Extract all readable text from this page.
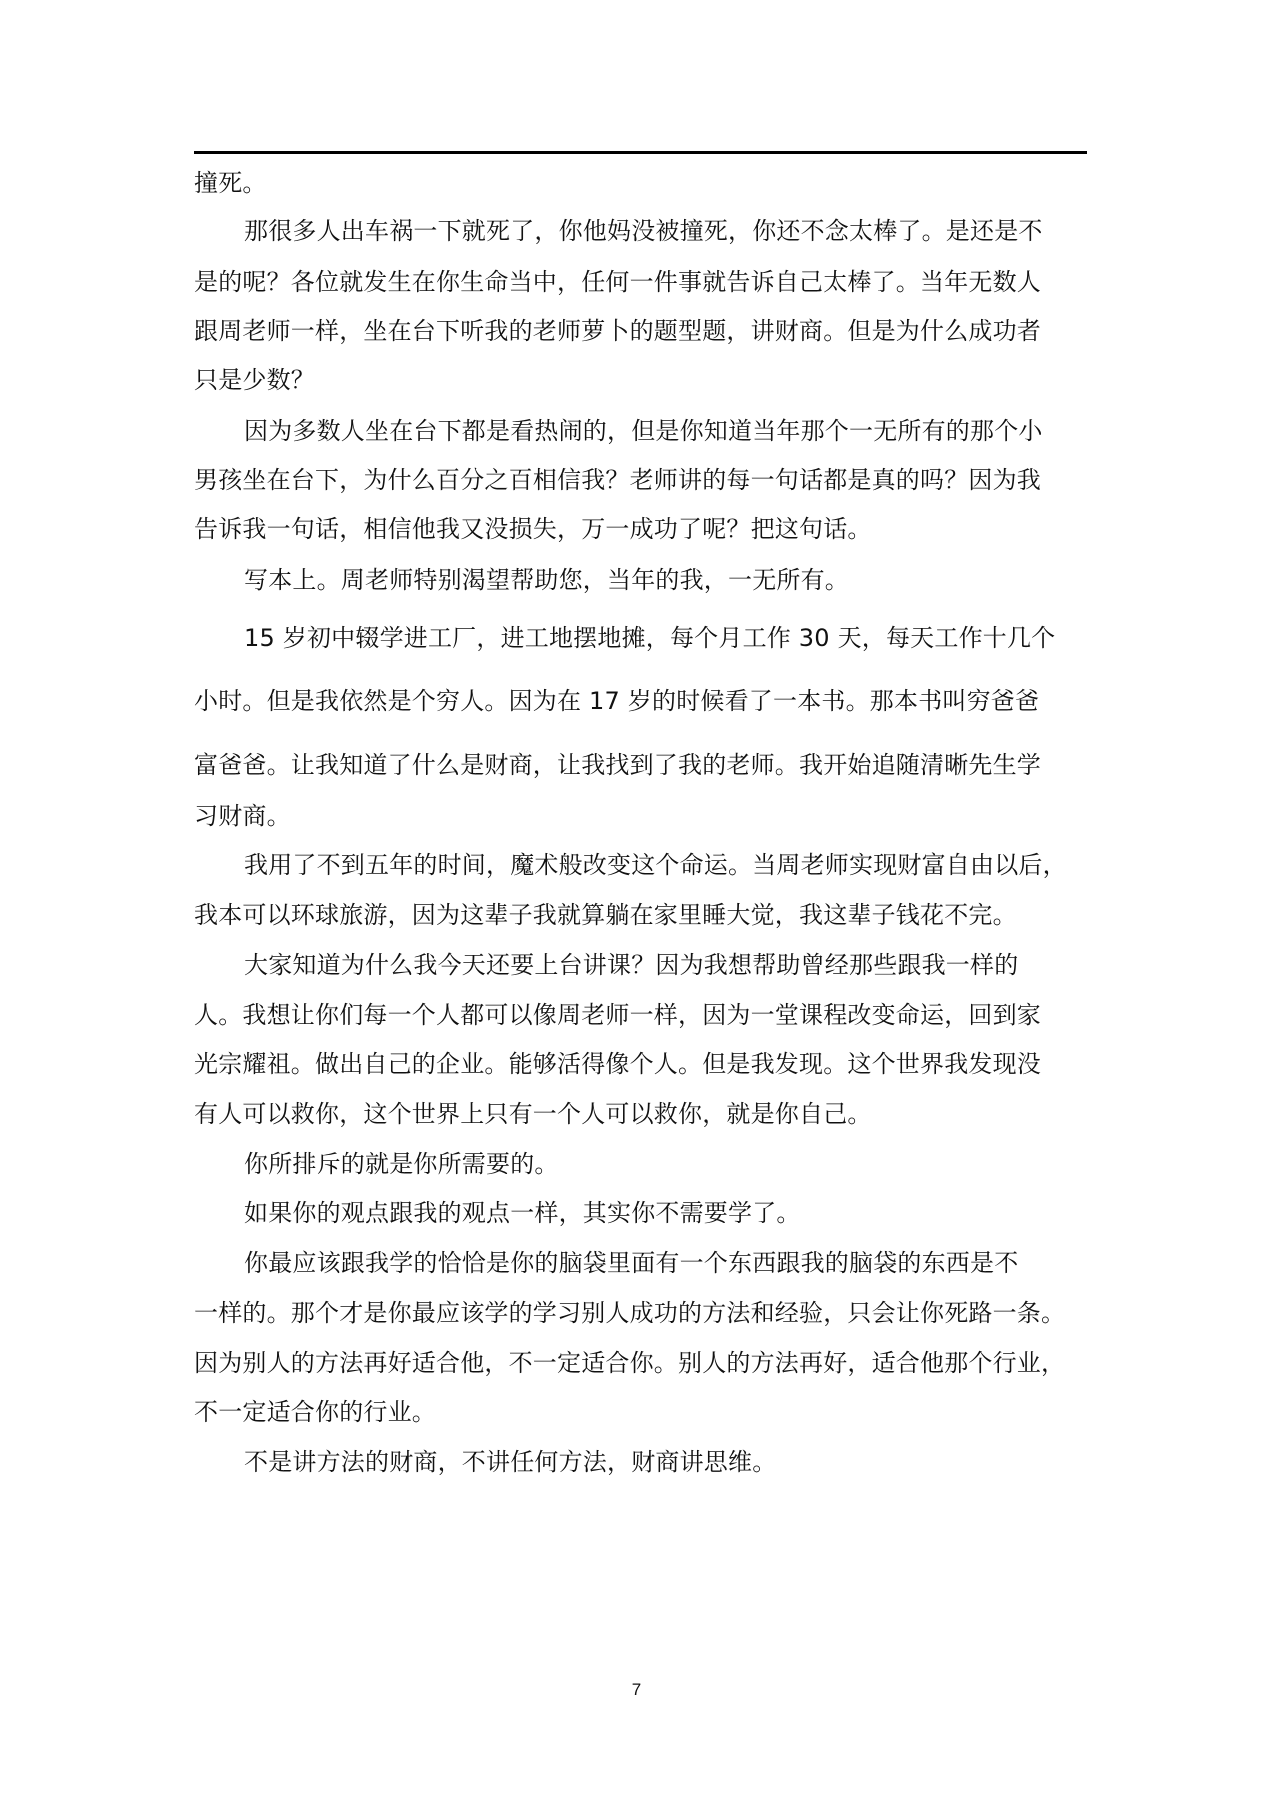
撞死。

那很多人出车祸一下就死了，你他妈没被撞死，你还不念太棒了。是还是不

是的呢？各位就发生在你生命当中，任何一件事就告诉自己太棒了。当年无数人

跟周老师一样，坐在台下听我的老师萝卜的题型题，讲财商。但是为什么成功者

只是少数？

因为多数人坐在台下都是看热闹的，但是你知道当年那个一无所有的那个小

男孩坐在台下，为什么百分之百相信我？老师讲的每一句话都是真的吗？因为我

告诉我一句话，相信他我又没损失，万一成功了呢？把这句话。

写本上。周老师特别渴望帮助您，当年的我，一无所有。

15 岁初中辍学进工厂，进工地摆地摊，每个月工作 30 天，每天工作十几个

小时。但是我依然是个穷人。因为在 17 岁的时候看了一本书。那本书叫穷爸爸

富爸爸。让我知道了什么是财商，让我找到了我的老师。我开始追随清晰先生学

习财商。

我用了不到五年的时间，魔术般改变这个命运。当周老师实现财富自由以后，

我本可以环球旅游，因为这辈子我就算躺在家里睡大觉，我这辈子钱花不完。

大家知道为什么我今天还要上台讲课？因为我想帮助曾经那些跟我一样的

人。我想让你们每一个人都可以像周老师一样，因为一堂课程改变命运，回到家

光宗耀祖。做出自己的企业。能够活得像个人。但是我发现。这个世界我发现没

有人可以救你，这个世界上只有一个人可以救你，就是你自己。

你所排斥的就是你所需要的。

如果你的观点跟我的观点一样，其实你不需要学了。

你最应该跟我学的恰恰是你的脑袋里面有一个东西跟我的脑袋的东西是不

一样的。那个才是你最应该学的学习别人成功的方法和经验，只会让你死路一条。

因为别人的方法再好适合他，不一定适合你。别人的方法再好，适合他那个行业，

不一定适合你的行业。

不是讲方法的财商，不讲任何方法，财商讲思维。

7
